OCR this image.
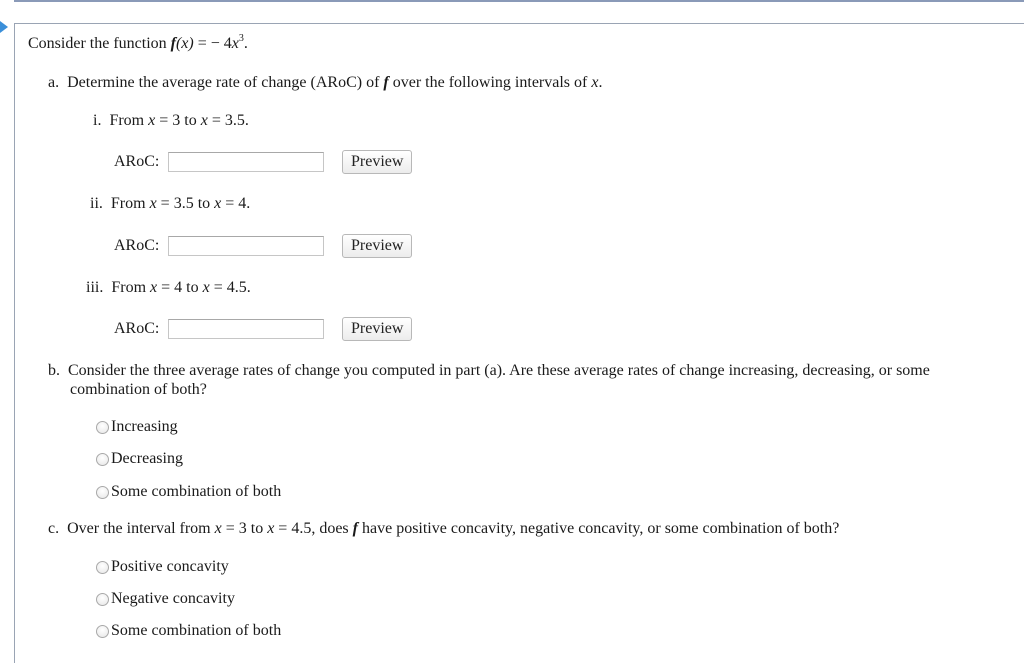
Consider the function f(x) = − $4x^3$.
a. Determine the average rate of change (ARoC) of f over the following intervals of x.
i. From x = 3 to x = 3.5.
ARoC:	Preview
ii. From x = 3.5 to x = 4.
ARoC:	Preview
iii. From x = 4 to x = 4.5.
ARoC:	Preview
b. Consider the three average rates of change you computed in part (a). Are these average rates of change increasing, decreasing, or some
combination of both?
Increasing
Decreasing
Some combination of both
c. Over the interval from x = 3 to x = 4.5, does f have positive concavity, negative concavity, or some combination of both?
Positive concavity
Negative concavity
Some combination of both
